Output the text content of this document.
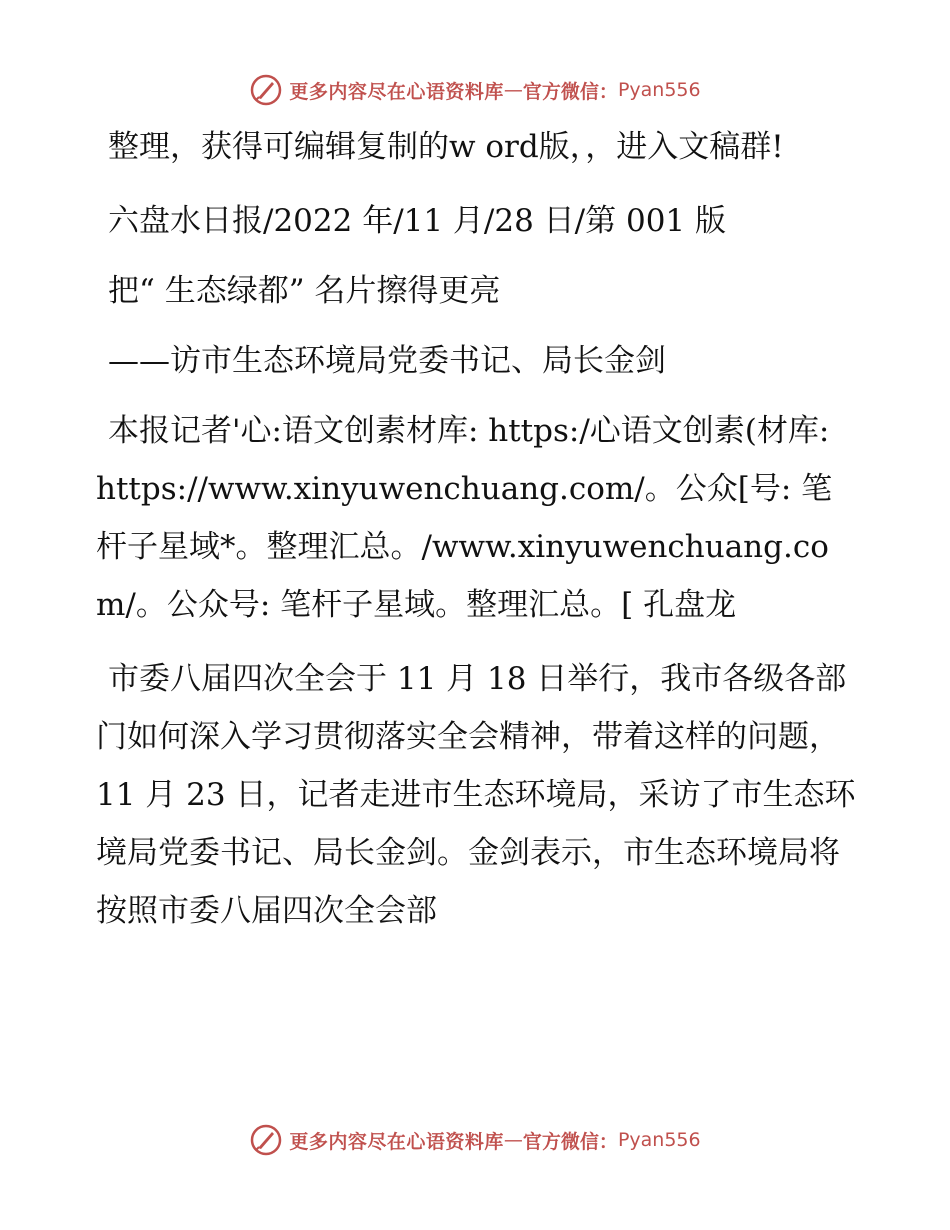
更多内容尽在心语资料库 — 官方微信： Pyan556

整理，获得可编辑复制的w ord版，，进入文稿群!

六盘水日报/2022 年/11 月/28 日/第 001 版

把“ 生态绿都” 名片擦得更亮

——访市生态环境局党委书记、局长金剑

本报记者'心:语文创素材库: https:/心语文创素(材库: https://www.xinyuwenchuang.com/。公众[号: 笔杆子星域*。整理汇总。/www.xinyuwenchuang.com/。公众号: 笔杆子星域。整理汇总。[ 孔盘龙

市委八届四次全会于 11 月 18 日举行，我市各级各部门如何深入学习贯彻落实全会精神，带着这样的问题，11 月 23 日，记者走进市生态环境局，采访了市生态环境局党委书记、局长金剑。金剑表示，市生态环境局将按照市委八届四次全会部

更多内容尽在心语资料库 — 官方微信： Pyan556
